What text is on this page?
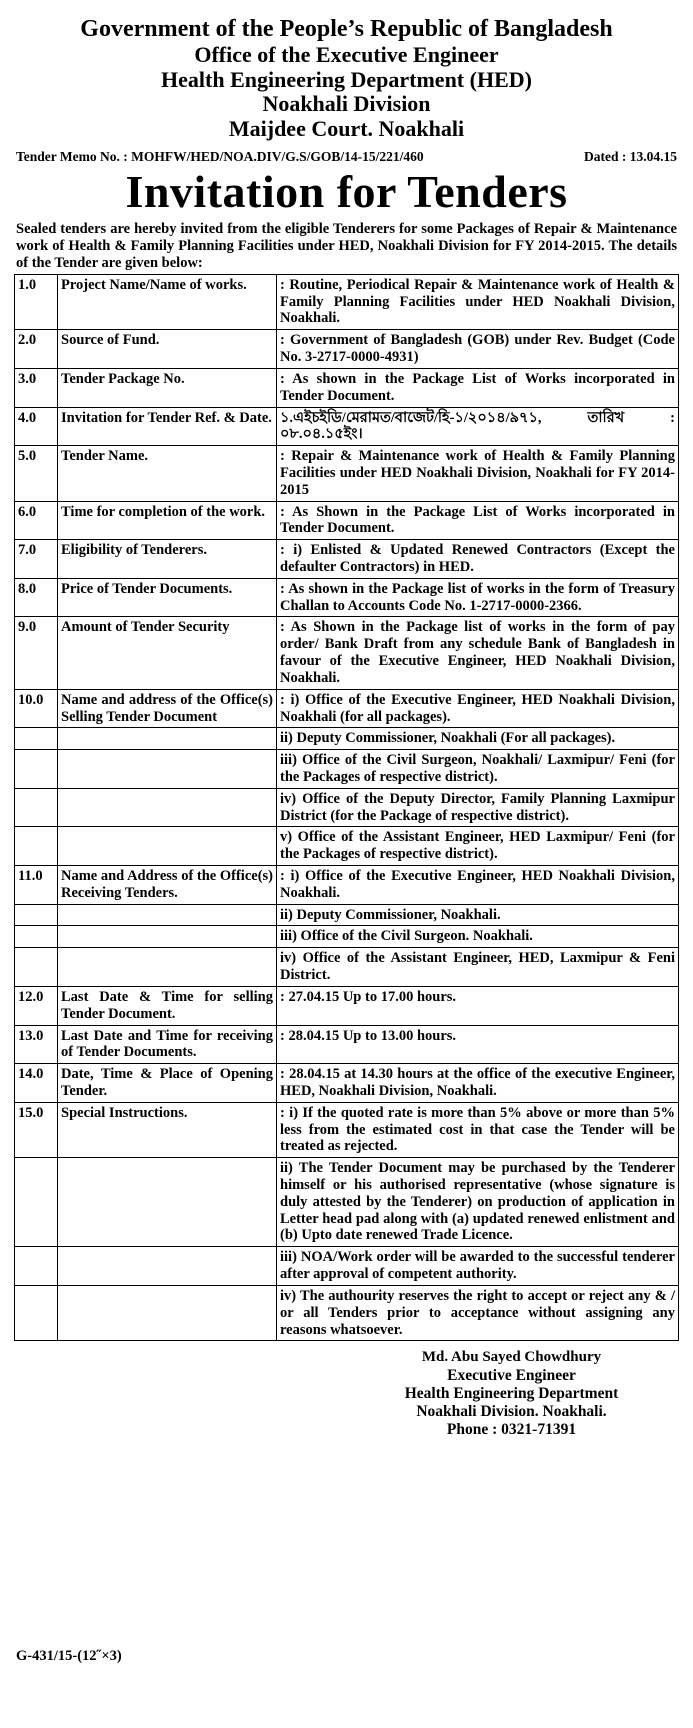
Government of the People’s Republic of Bangladesh
Office of the Executive Engineer
Health Engineering Department (HED)
Noakhali Division
Maijdee Court. Noakhali
Tender Memo No. : MOHFW/HED/NOA.DIV/G.S/GOB/14-15/221/460	Dated : 13.04.15
Invitation for Tenders
Sealed tenders are hereby invited from the eligible Tenderers for some Packages of Repair & Maintenance work of Health & Family Planning Facilities under HED, Noakhali Division for FY 2014-2015. The details of the Tender are given below:
1.0	Project Name/Name of works.	: Routine, Periodical Repair & Maintenance work of Health & Family Planning Facilities under HED Noakhali Division, Noakhali.
2.0	Source of Fund.	: Government of Bangladesh (GOB) under Rev. Budget (Code No. 3-2717-0000-4931)
3.0	Tender Package No.	: As shown in the Package List of Works incorporated in Tender Document.
4.0	Invitation for Tender Ref. & Date.	১.এইচইডি/মেরামত/বাজেট/হি-১/২০১৪/৯৭১, তারিখ : ০৮.০৪.১৫ইং।
5.0	Tender Name.	: Repair & Maintenance work of Health & Family Planning Facilities under HED Noakhali Division, Noakhali for FY 2014-2015
6.0	Time for completion of the work.	: As Shown in the Package List of Works incorporated in Tender Document.
7.0	Eligibility of Tenderers.	: i) Enlisted & Updated Renewed Contractors (Except the defaulter Contractors) in HED.
8.0	Price of Tender Documents.	: As shown in the Package list of works in the form of Treasury Challan to Accounts Code No. 1-2717-0000-2366.
9.0	Amount of Tender Security	: As Shown in the Package list of works in the form of pay order/ Bank Draft from any schedule Bank of Bangladesh in favour of the Executive Engineer, HED Noakhali Division, Noakhali.
10.0	Name and address of the Office(s) Selling Tender Document	: i) Office of the Executive Engineer, HED Noakhali Division, Noakhali (for all packages).
		ii) Deputy Commissioner, Noakhali (For all packages).
		iii) Office of the Civil Surgeon, Noakhali/ Laxmipur/ Feni (for the Packages of respective district).
		iv) Office of the Deputy Director, Family Planning Laxmipur District (for the Package of respective district).
		v) Office of the Assistant Engineer, HED Laxmipur/ Feni (for the Packages of respective district).
11.0	Name and Address of the Office(s) Receiving Tenders.	: i) Office of the Executive Engineer, HED Noakhali Division, Noakhali.
		ii) Deputy Commissioner, Noakhali.
		iii) Office of the Civil Surgeon. Noakhali.
		iv) Office of the Assistant Engineer, HED, Laxmipur & Feni District.
12.0	Last Date & Time for selling Tender Document.	: 27.04.15 Up to 17.00 hours.
13.0	Last Date and Time for receiving of Tender Documents.	: 28.04.15 Up to 13.00 hours.
14.0	Date, Time & Place of Opening Tender.	: 28.04.15 at 14.30 hours at the office of the executive Engineer, HED, Noakhali Division, Noakhali.
15.0	Special Instructions.	: i) If the quoted rate is more than 5% above or more than 5% less from the estimated cost in that case the Tender will be treated as rejected.
		ii) The Tender Document may be purchased by the Tenderer himself or his authorised representative (whose signature is duly attested by the Tenderer) on production of application in Letter head pad along with (a) updated renewed enlistment and (b) Upto date renewed Trade Licence.
		iii) NOA/Work order will be awarded to the successful tenderer after approval of competent authority.
		iv) The authourity reserves the right to accept or reject any & / or all Tenders prior to acceptance without assigning any reasons whatsoever.
Md. Abu Sayed Chowdhury
Executive Engineer
Health Engineering Department
Noakhali Division. Noakhali.
Phone : 0321-71391
G-431/15-(12˝×3)
